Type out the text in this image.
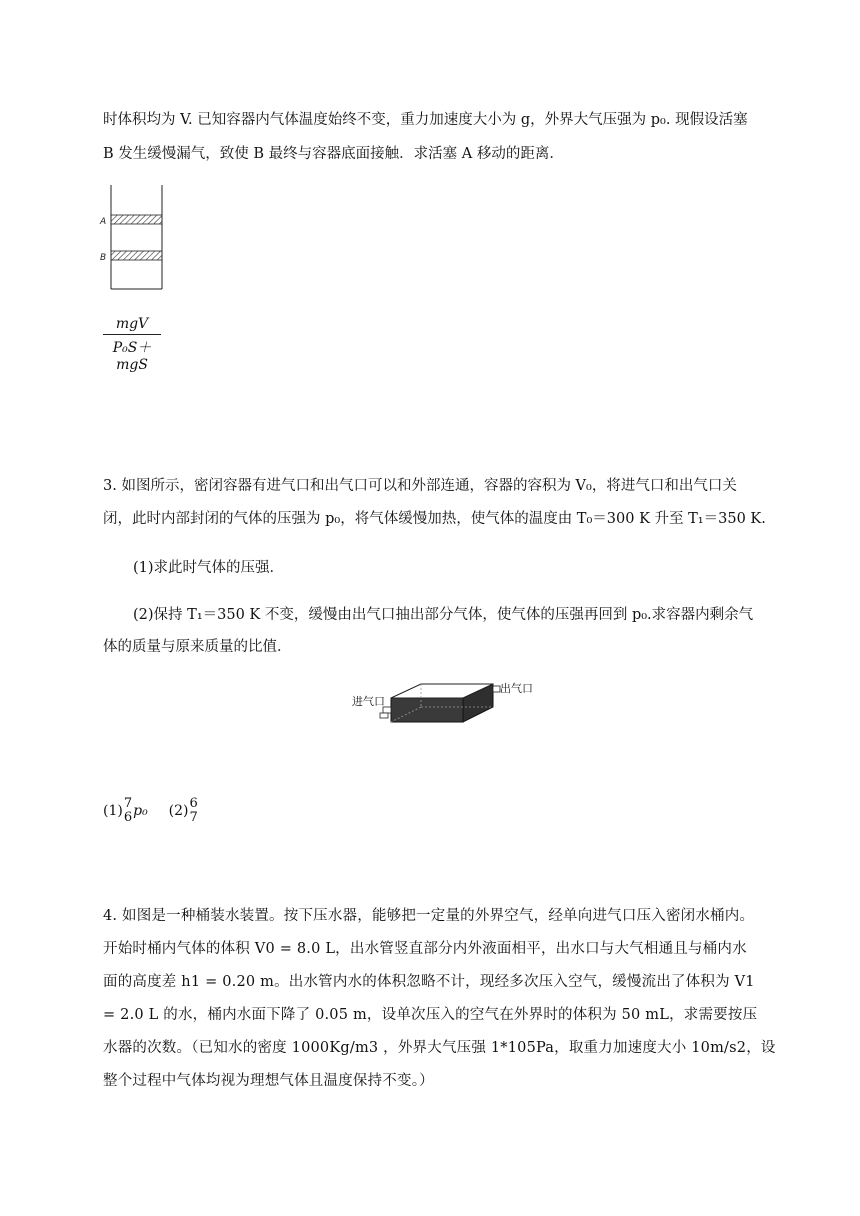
时体积均为 V. 已知容器内气体温度始终不变，重力加速度大小为 g，外界大气压强为 p₀. 现假设活塞
B 发生缓慢漏气，致使 B 最终与容器底面接触．求活塞 A 移动的距离．
A
B
mgV
P₀S＋mgS
3. 如图所示，密闭容器有进气口和出气口可以和外部连通，容器的容积为 V₀，将进气口和出气口关
闭，此时内部封闭的气体的压强为 p₀，将气体缓慢加热，使气体的温度由 T₀＝300 K 升至 T₁＝350 K.
(1)求此时气体的压强．
(2)保持 T₁＝350 K 不变，缓慢由出气口抽出部分气体，使气体的压强再回到 p₀.求容器内剩余气
体的质量与原来质量的比值．
进气口
出气口
(1) 7
6 p₀ (2) 6
7
4. 如图是一种桶装水装置。按下压水器，能够把一定量的外界空气，经单向进气口压入密闭水桶内。
开始时桶内气体的体积 V0 = 8.0 L，出水管竖直部分内外液面相平，出水口与大气相通且与桶内水
面的高度差 h1 = 0.20 m。出水管内水的体积忽略不计，现经多次压入空气，缓慢流出了体积为 V1
= 2.0 L 的水，桶内水面下降了 0.05 m，设单次压入的空气在外界时的体积为 50 mL，求需要按压
水器的次数。（已知水的密度 1000Kg/m3 ，外界大气压强 1*105Pa，取重力加速度大小 10m/s2，设
整个过程中气体均视为理想气体且温度保持不变。）
